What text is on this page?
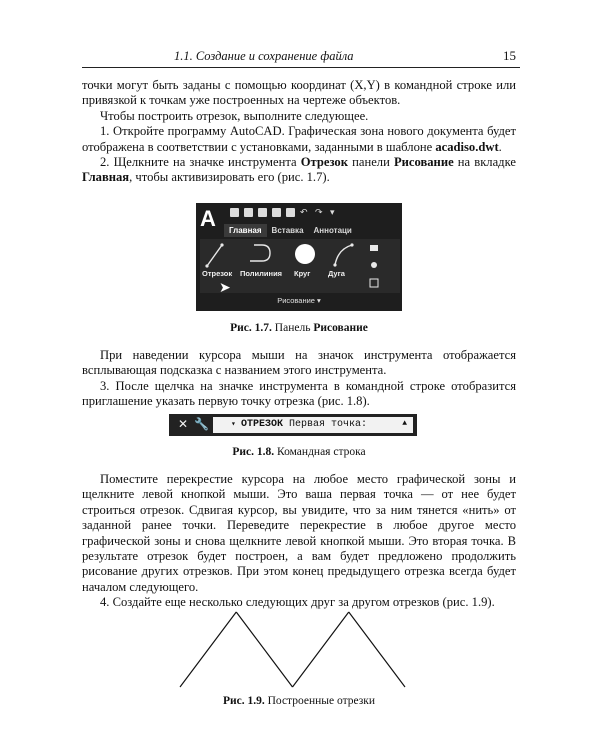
1.1. Создание и сохранение файла	15

точки могут быть заданы с помощью координат (X,Y) в командной строке или привязкой к точкам уже построенных на чертеже объектов.

Чтобы построить отрезок, выполните следующее.

1. Откройте программу AutoCAD. Графическая зона нового документа будет отображена в соответствии с установками, заданными в шаблоне acadiso.dwt.

2. Щелкните на значке инструмента Отрезок панели Рисование на вкладке Главная, чтобы активизировать его (рис. 1.7).

A	↶ ↷ ▾
Главная	Вставка	Аннотаци
Отрезок Полилиния Круг Дуга
➤
Рисование ▾
Рис. 1.7. Панель Рисование

При наведении курсора мыши на значок инструмента отображается всплывающая подсказка с названием этого инструмента.

3. После щелчка на значке инструмента в командной строке отобразится приглашение указать первую точку отрезка (рис. 1.8).

✕ 🔧	▾ ОТРЕЗОК Первая точка:	▲
Рис. 1.8. Командная строка

Поместите перекрестие курсора на любое место графической зоны и щелкните левой кнопкой мыши. Это ваша первая точка — от нее будет строиться отрезок. Сдвигая курсор, вы увидите, что за ним тянется «нить» от заданной ранее точки. Переведите перекрестие в любое другое место графической зоны и снова щелкните левой кнопкой мыши. Это вторая точка. В результате отрезок будет построен, а вам будет предложено продолжить рисование других отрезков. При этом конец предыдущего отрезка всегда будет началом следующего.

4. Создайте еще несколько следующих друг за другом отрезков (рис. 1.9).

Рис. 1.9. Построенные отрезки
